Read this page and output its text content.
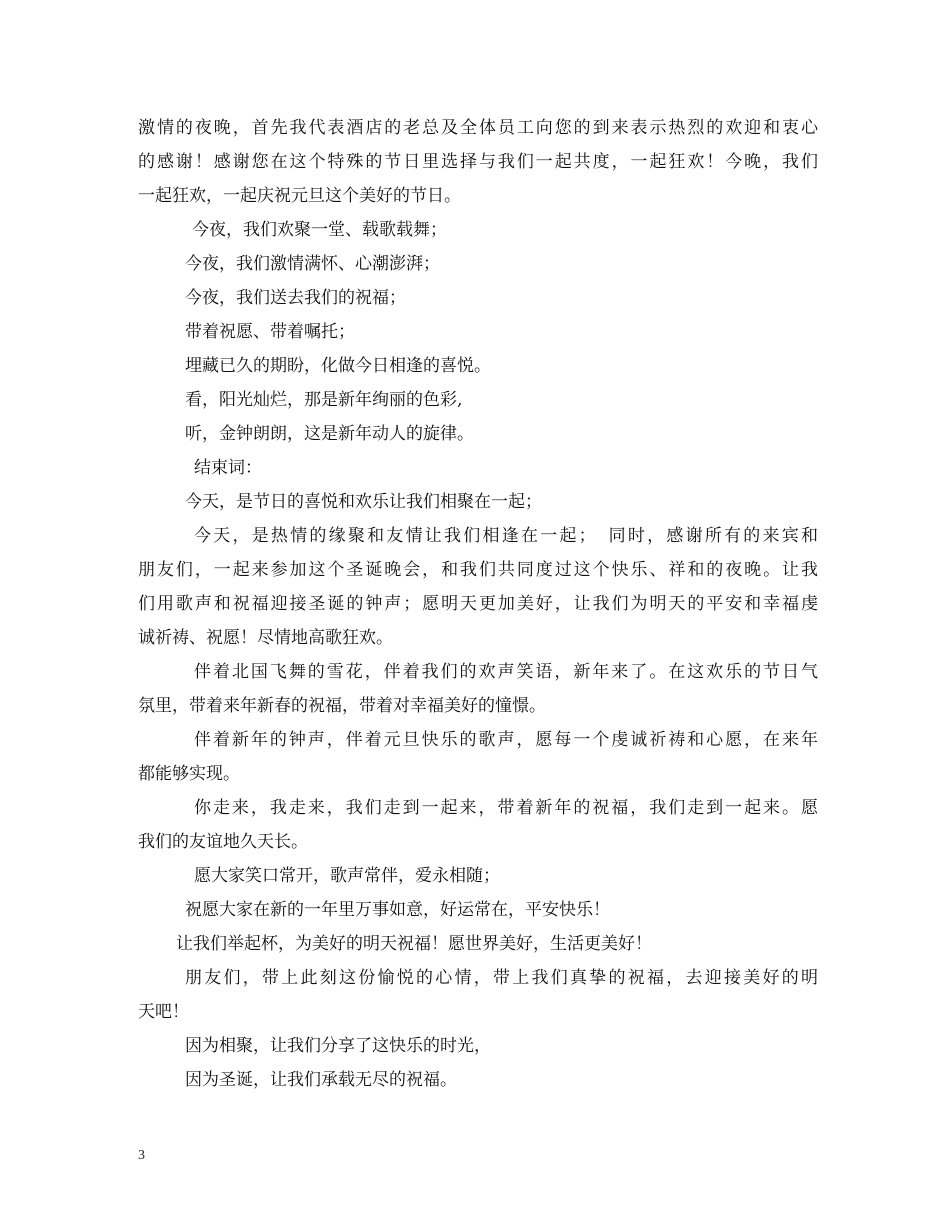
激情的夜晚，首先我代表酒店的老总及全体员工向您的到来表示热烈的欢迎和衷心
的感谢！感谢您在这个特殊的节日里选择与我们一起共度，一起狂欢！今晚，我们
一起狂欢，一起庆祝元旦这个美好的节日。
今夜，我们欢聚一堂、载歌载舞；
今夜，我们激情满怀、心潮澎湃；
今夜，我们送去我们的祝福；
带着祝愿、带着嘱托；
埋藏已久的期盼，化做今日相逢的喜悦。
看，阳光灿烂，那是新年绚丽的色彩,
听，金钟朗朗，这是新年动人的旋律。
结束词：
今天，是节日的喜悦和欢乐让我们相聚在一起；
今天，是热情的缘聚和友情让我们相逢在一起；　同时，感谢所有的来宾和
朋友们，一起来参加这个圣诞晚会，和我们共同度过这个快乐、祥和的夜晚。让我
们用歌声和祝福迎接圣诞的钟声；愿明天更加美好，让我们为明天的平安和幸福虔
诚祈祷、祝愿！尽情地高歌狂欢。
伴着北国飞舞的雪花，伴着我们的欢声笑语，新年来了。在这欢乐的节日气
氛里，带着来年新春的祝福，带着对幸福美好的憧憬。
伴着新年的钟声，伴着元旦快乐的歌声，愿每一个虔诚祈祷和心愿，在来年
都能够实现。
你走来，我走来，我们走到一起来，带着新年的祝福，我们走到一起来。愿
我们的友谊地久天长。
愿大家笑口常开，歌声常伴，爱永相随；
祝愿大家在新的一年里万事如意，好运常在，平安快乐！
让我们举起杯，为美好的明天祝福！愿世界美好，生活更美好！
朋友们，带上此刻这份愉悦的心情，带上我们真挚的祝福，去迎接美好的明
天吧！
因为相聚，让我们分享了这快乐的时光，
因为圣诞，让我们承载无尽的祝福。
3
